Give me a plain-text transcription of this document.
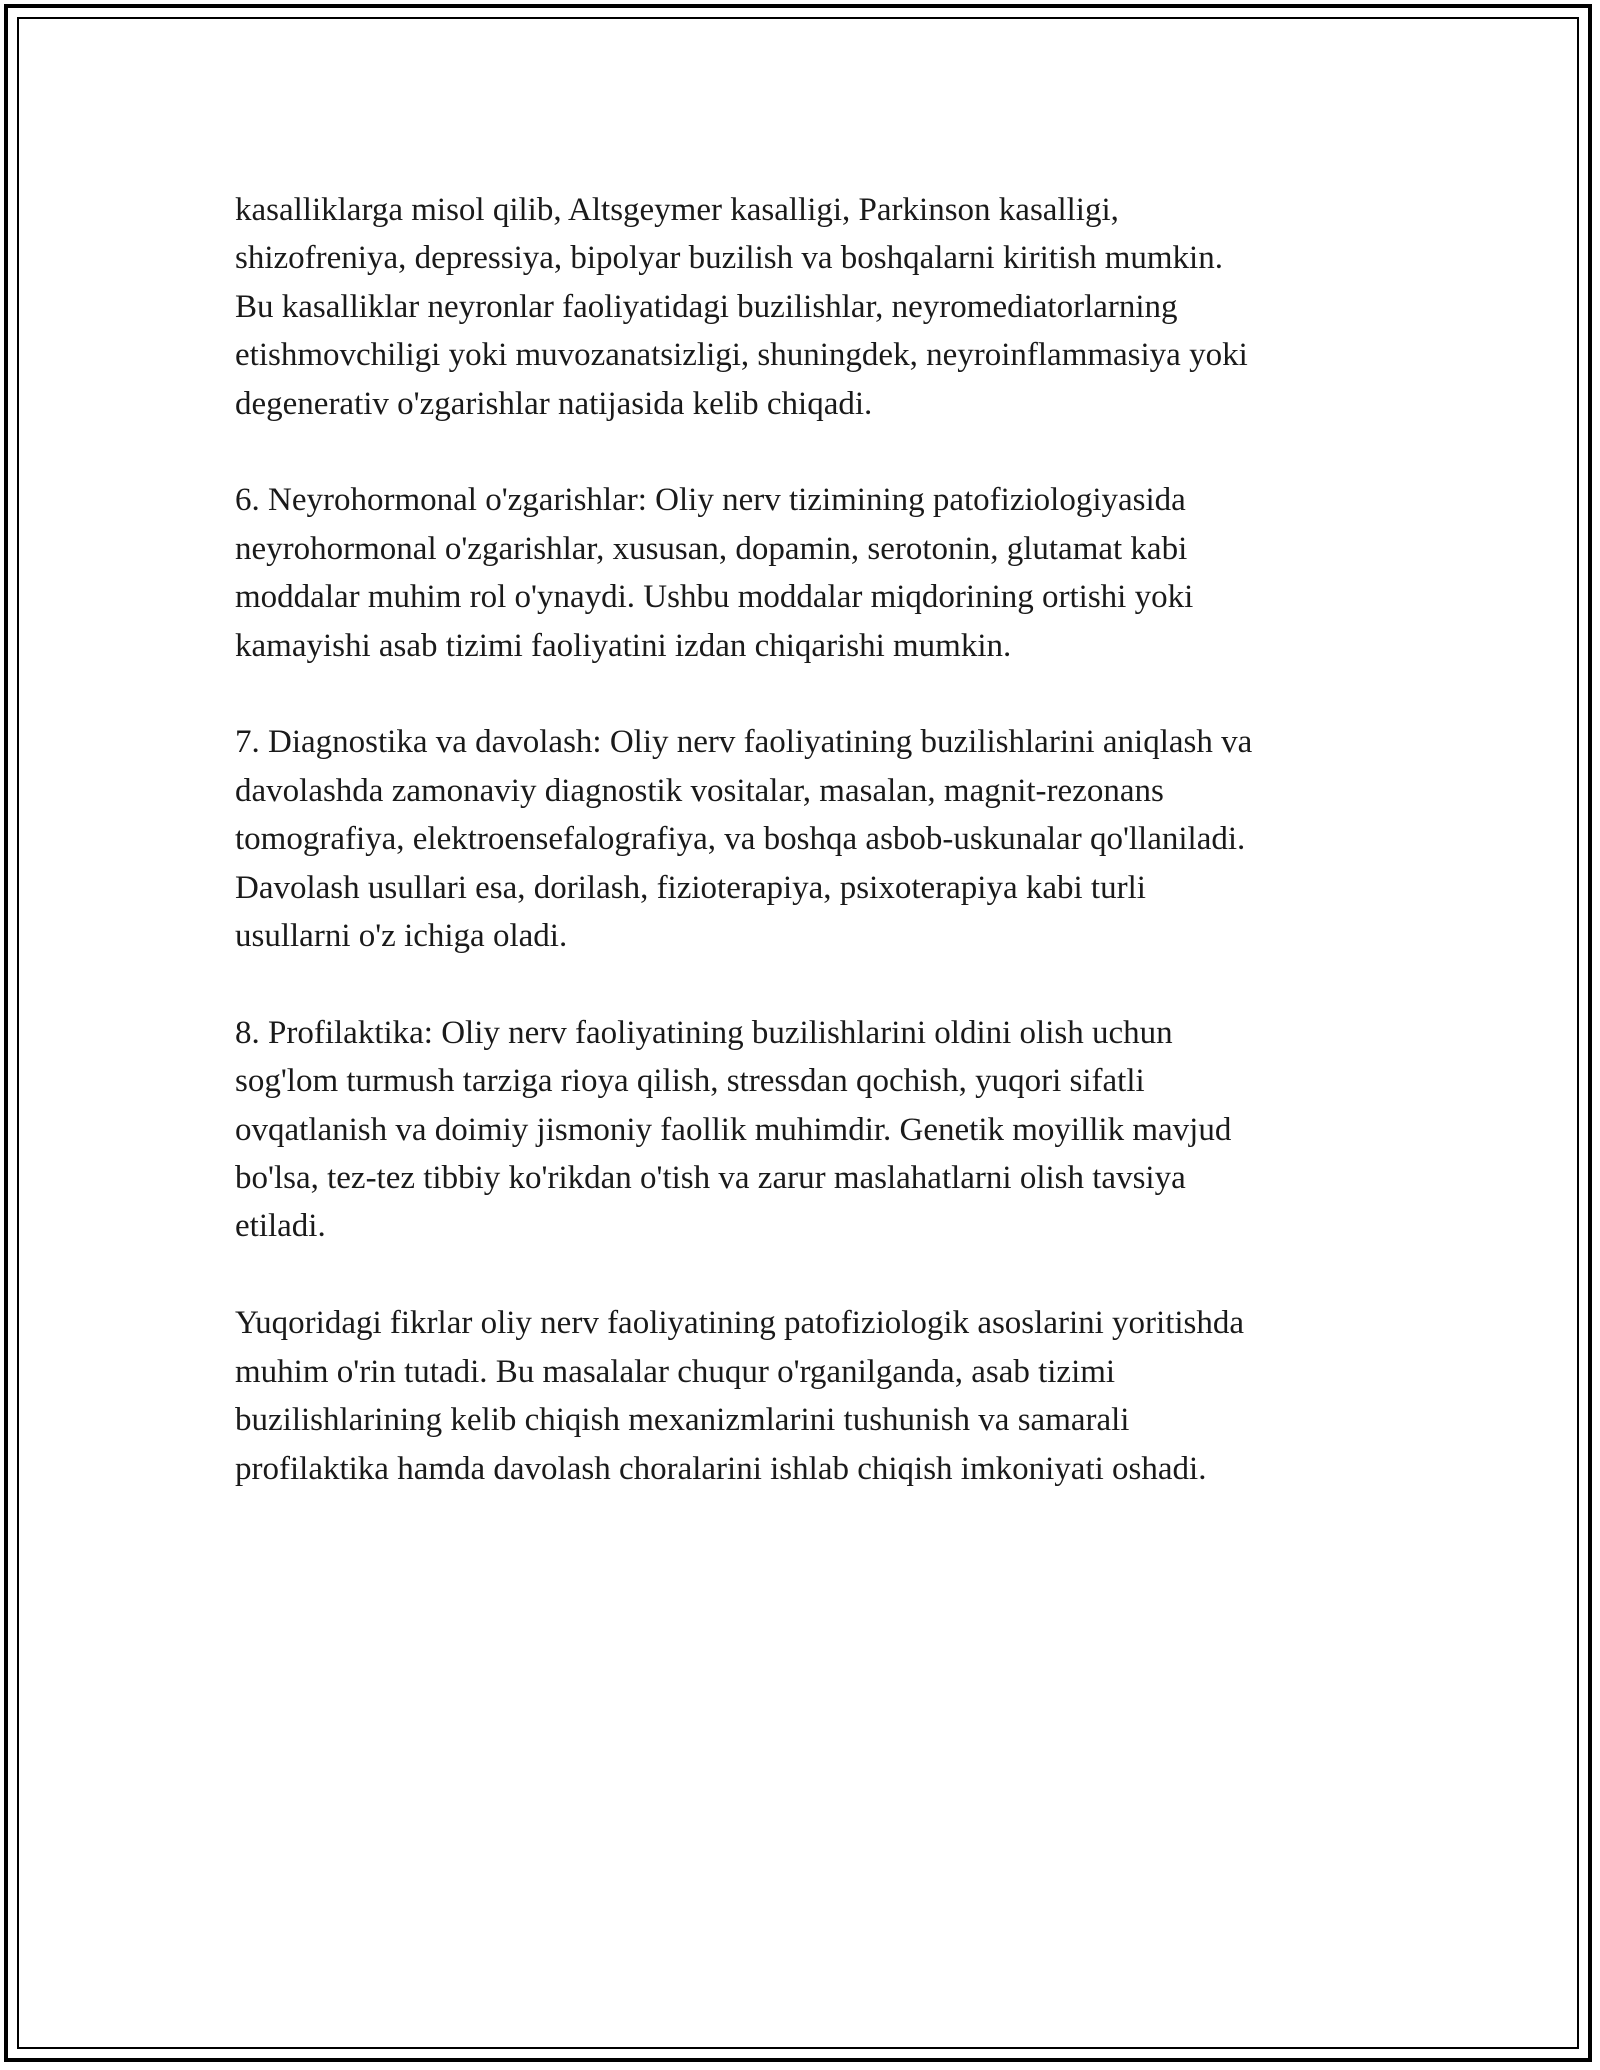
kasalliklarga misol qilib, Altsgeymer kasalligi, Parkinson kasalligi,
shizofreniya, depressiya, bipolyar buzilish va boshqalarni kiritish mumkin.
Bu kasalliklar neyronlar faoliyatidagi buzilishlar, neyromediatorlarning
etishmovchiligi yoki muvozanatsizligi, shuningdek, neyroinflammasiya yoki
degenerativ o'zgarishlar natijasida kelib chiqadi.

6. Neyrohormonal o'zgarishlar: Oliy nerv tizimining patofiziologiyasida
neyrohormonal o'zgarishlar, xususan, dopamin, serotonin, glutamat kabi
moddalar muhim rol o'ynaydi. Ushbu moddalar miqdorining ortishi yoki
kamayishi asab tizimi faoliyatini izdan chiqarishi mumkin.

7. Diagnostika va davolash: Oliy nerv faoliyatining buzilishlarini aniqlash va
davolashda zamonaviy diagnostik vositalar, masalan, magnit-rezonans
tomografiya, elektroensefalografiya, va boshqa asbob-uskunalar qo'llaniladi.
Davolash usullari esa, dorilash, fizioterapiya, psixoterapiya kabi turli
usullarni o'z ichiga oladi.

8. Profilaktika: Oliy nerv faoliyatining buzilishlarini oldini olish uchun
sog'lom turmush tarziga rioya qilish, stressdan qochish, yuqori sifatli
ovqatlanish va doimiy jismoniy faollik muhimdir. Genetik moyillik mavjud
bo'lsa, tez-tez tibbiy ko'rikdan o'tish va zarur maslahatlarni olish tavsiya
etiladi.

Yuqoridagi fikrlar oliy nerv faoliyatining patofiziologik asoslarini yoritishda
muhim o'rin tutadi. Bu masalalar chuqur o'rganilganda, asab tizimi
buzilishlarining kelib chiqish mexanizmlarini tushunish va samarali
profilaktika hamda davolash choralarini ishlab chiqish imkoniyati oshadi.
